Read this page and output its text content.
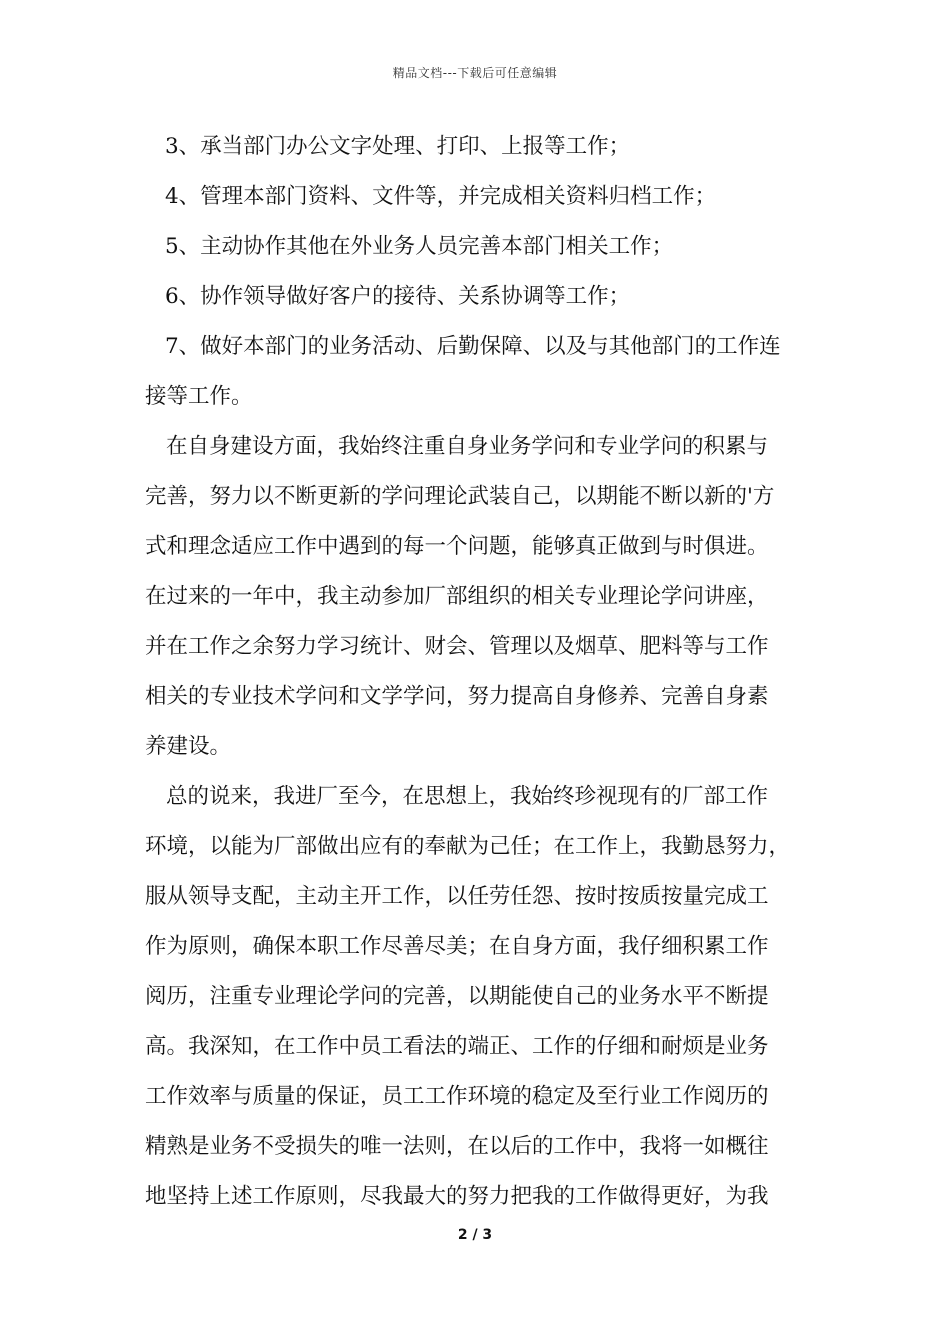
精品文档---下载后可任意编辑
3、承当部门办公文字处理、打印、上报等工作；
4、管理本部门资料、文件等，并完成相关资料归档工作；
5、主动协作其他在外业务人员完善本部门相关工作；
6、协作领导做好客户的接待、关系协调等工作；
7、做好本部门的业务活动、后勤保障、以及与其他部门的工作连
接等工作。
在自身建设方面，我始终注重自身业务学问和专业学问的积累与
完善，努力以不断更新的学问理论武装自己，以期能不断以新的'方
式和理念适应工作中遇到的每一个问题，能够真正做到与时俱进。
在过来的一年中，我主动参加厂部组织的相关专业理论学问讲座，
并在工作之余努力学习统计、财会、管理以及烟草、肥料等与工作
相关的专业技术学问和文学学问，努力提高自身修养、完善自身素
养建设。
总的说来，我进厂至今，在思想上，我始终珍视现有的厂部工作
环境，以能为厂部做出应有的奉献为己任；在工作上，我勤恳努力，
服从领导支配，主动主开工作，以任劳任怨、按时按质按量完成工
作为原则，确保本职工作尽善尽美；在自身方面，我仔细积累工作
阅历，注重专业理论学问的完善，以期能使自己的业务水平不断提
高。我深知，在工作中员工看法的端正、工作的仔细和耐烦是业务
工作效率与质量的保证，员工工作环境的稳定及至行业工作阅历的
精熟是业务不受损失的唯一法则，在以后的工作中，我将一如概往
地坚持上述工作原则，尽我最大的努力把我的工作做得更好，为我
2 / 3
